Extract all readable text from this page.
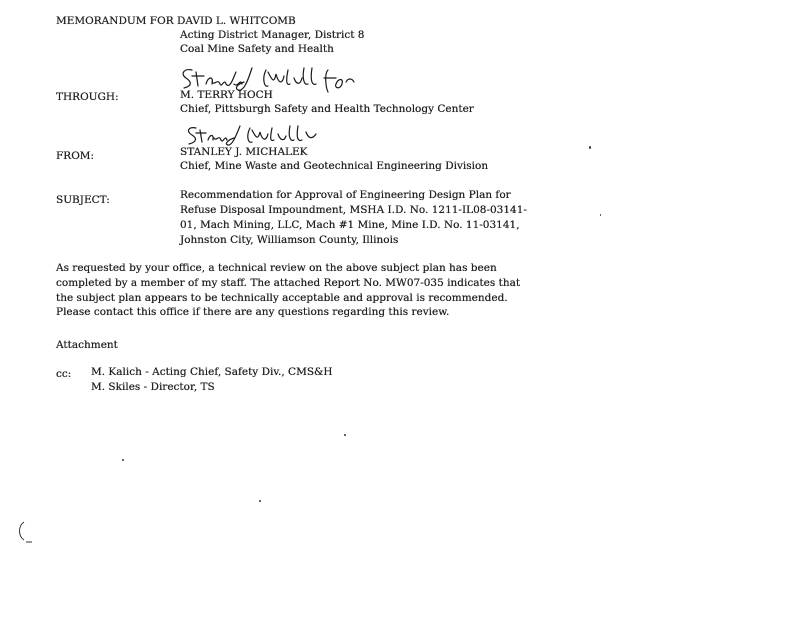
MEMORANDUM FOR DAVID L. WHITCOMB
Acting District Manager, District 8
Coal Mine Safety and Health
THROUGH:	M. TERRY HOCH
Chief, Pittsburgh Safety and Health Technology Center
FROM:	STANLEY J. MICHALEK
Chief, Mine Waste and Geotechnical Engineering Division
SUBJECT:	Recommendation for Approval of Engineering Design Plan for
Refuse Disposal Impoundment, MSHA I.D. No. 1211-IL08-03141-
01, Mach Mining, LLC, Mach #1 Mine, Mine I.D. No. 11-03141,
Johnston City, Williamson County, Illinois
As requested by your office, a technical review on the above subject plan has been
completed by a member of my staff. The attached Report No. MW07-035 indicates that
the subject plan appears to be technically acceptable and approval is recommended.
Please contact this office if there are any questions regarding this review.
Attachment
cc: M. Kalich - Acting Chief, Safety Div., CMS&H
M. Skiles - Director, TS
